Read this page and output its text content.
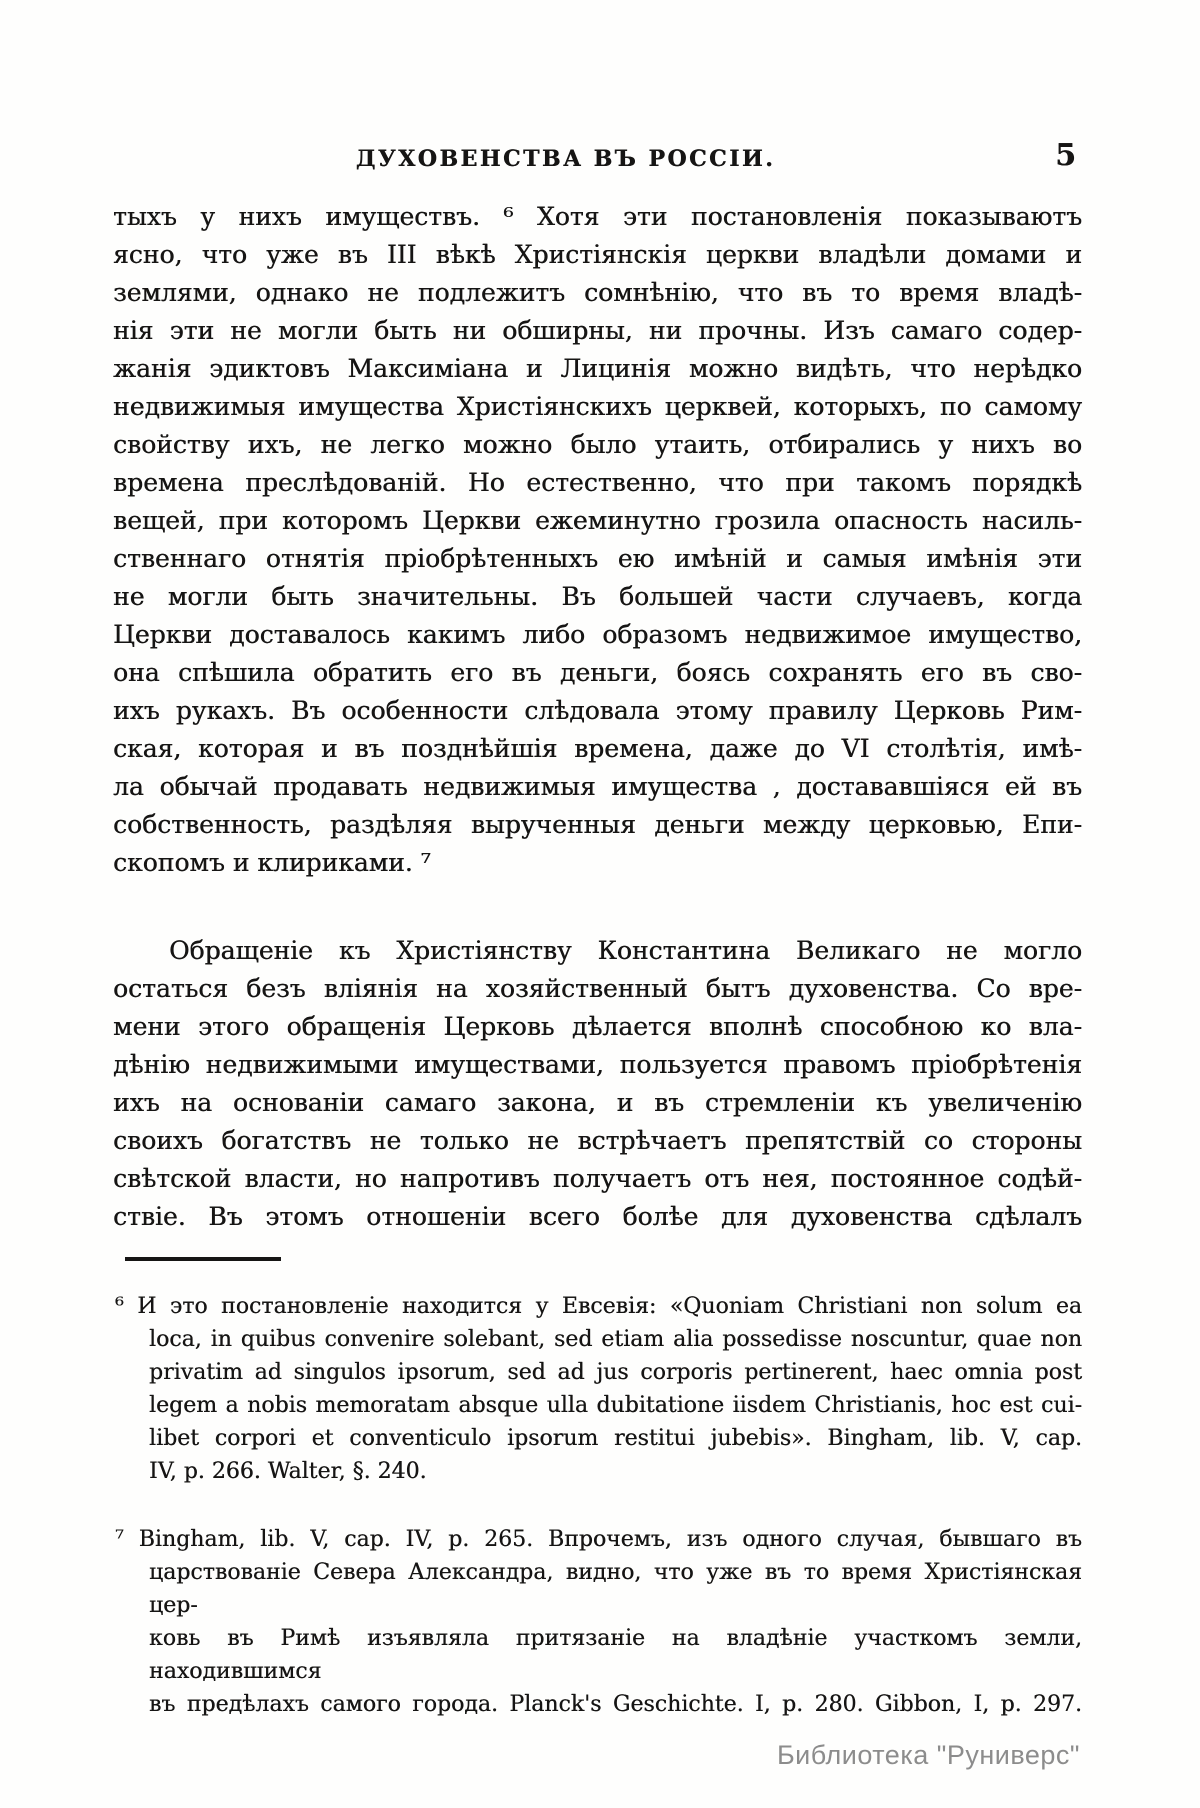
ДУХОВЕНСТВА ВЪ РОССІИ.	5
тыхъ у нихъ имуществъ. ⁶ Хотя эти постановленія показываютъ
ясно, что уже въ III вѣкѣ Христіянскія церкви владѣли домами и
землями, однако не подлежитъ сомнѣнію, что въ то время владѣ-
нія эти не могли быть ни обширны, ни прочны. Изъ самаго содер-
жанія эдиктовъ Максиміана и Лицинія можно видѣть, что нерѣдко
недвижимыя имущества Христіянскихъ церквей, которыхъ, по самому
свойству ихъ, не легко можно было утаить, отбирались у нихъ во
времена преслѣдованій. Но естественно, что при такомъ порядкѣ
вещей, при которомъ Церкви ежеминутно грозила опасность насиль-
ственнаго отнятія пріобрѣтенныхъ ею имѣній и самыя имѣнія эти
не могли быть значительны. Въ большей части случаевъ, когда
Церкви доставалось какимъ либо образомъ недвижимое имущество,
она спѣшила обратить его въ деньги, боясь сохранять его въ сво-
ихъ рукахъ. Въ особенности слѣдовала этому правилу Церковь Рим-
ская, которая и въ позднѣйшія времена, даже до VI столѣтія, имѣ-
ла обычай продавать недвижимыя имущества , достававшіяся ей въ
собственность, раздѣляя вырученныя деньги между церковью, Епи-
скопомъ и клириками. ⁷
Обращеніе къ Христіянству Константина Великаго не могло
остаться безъ вліянія на хозяйственный бытъ духовенства. Со вре-
мени этого обращенія Церковь дѣлается вполнѣ способною ко вла-
дѣнію недвижимыми имуществами, пользуется правомъ пріобрѣтенія
ихъ на основаніи самаго закона, и въ стремленіи къ увеличенію
своихъ богатствъ не только не встрѣчаетъ препятствій со стороны
свѣтской власти, но напротивъ получаетъ отъ нея, постоянное содѣй-
ствіе. Въ этомъ отношеніи всего болѣе для духовенства сдѣлалъ
⁶ И это постановленіе находится у Евсевія: «Quoniam Christiani non solum ea
loca, in quibus convenire solebant, sed etiam alia possedisse noscuntur, quae non
privatim ad singulos ipsorum, sed ad jus corporis pertinerent, haec omnia post
legem a nobis memoratam absque ulla dubitatione iisdem Christianis, hoc est cui-
libet corpori et conventiculo ipsorum restitui jubebis». Bingham, lib. V, cap.
IV, p. 266. Walter, §. 240.
⁷ Bingham, lib. V, cap. IV, p. 265. Впрочемъ, изъ одного случая, бывшаго въ
царствованіе Севера Александра, видно, что уже въ то время Христіянская цер-
ковь въ Римѣ изъявляла притязаніе на владѣніе участкомъ земли, находившимся
въ предѣлахъ самого города. Planck's Geschichte. I, p. 280. Gibbon, I, p. 297.
Библиотека "Руниверс"
